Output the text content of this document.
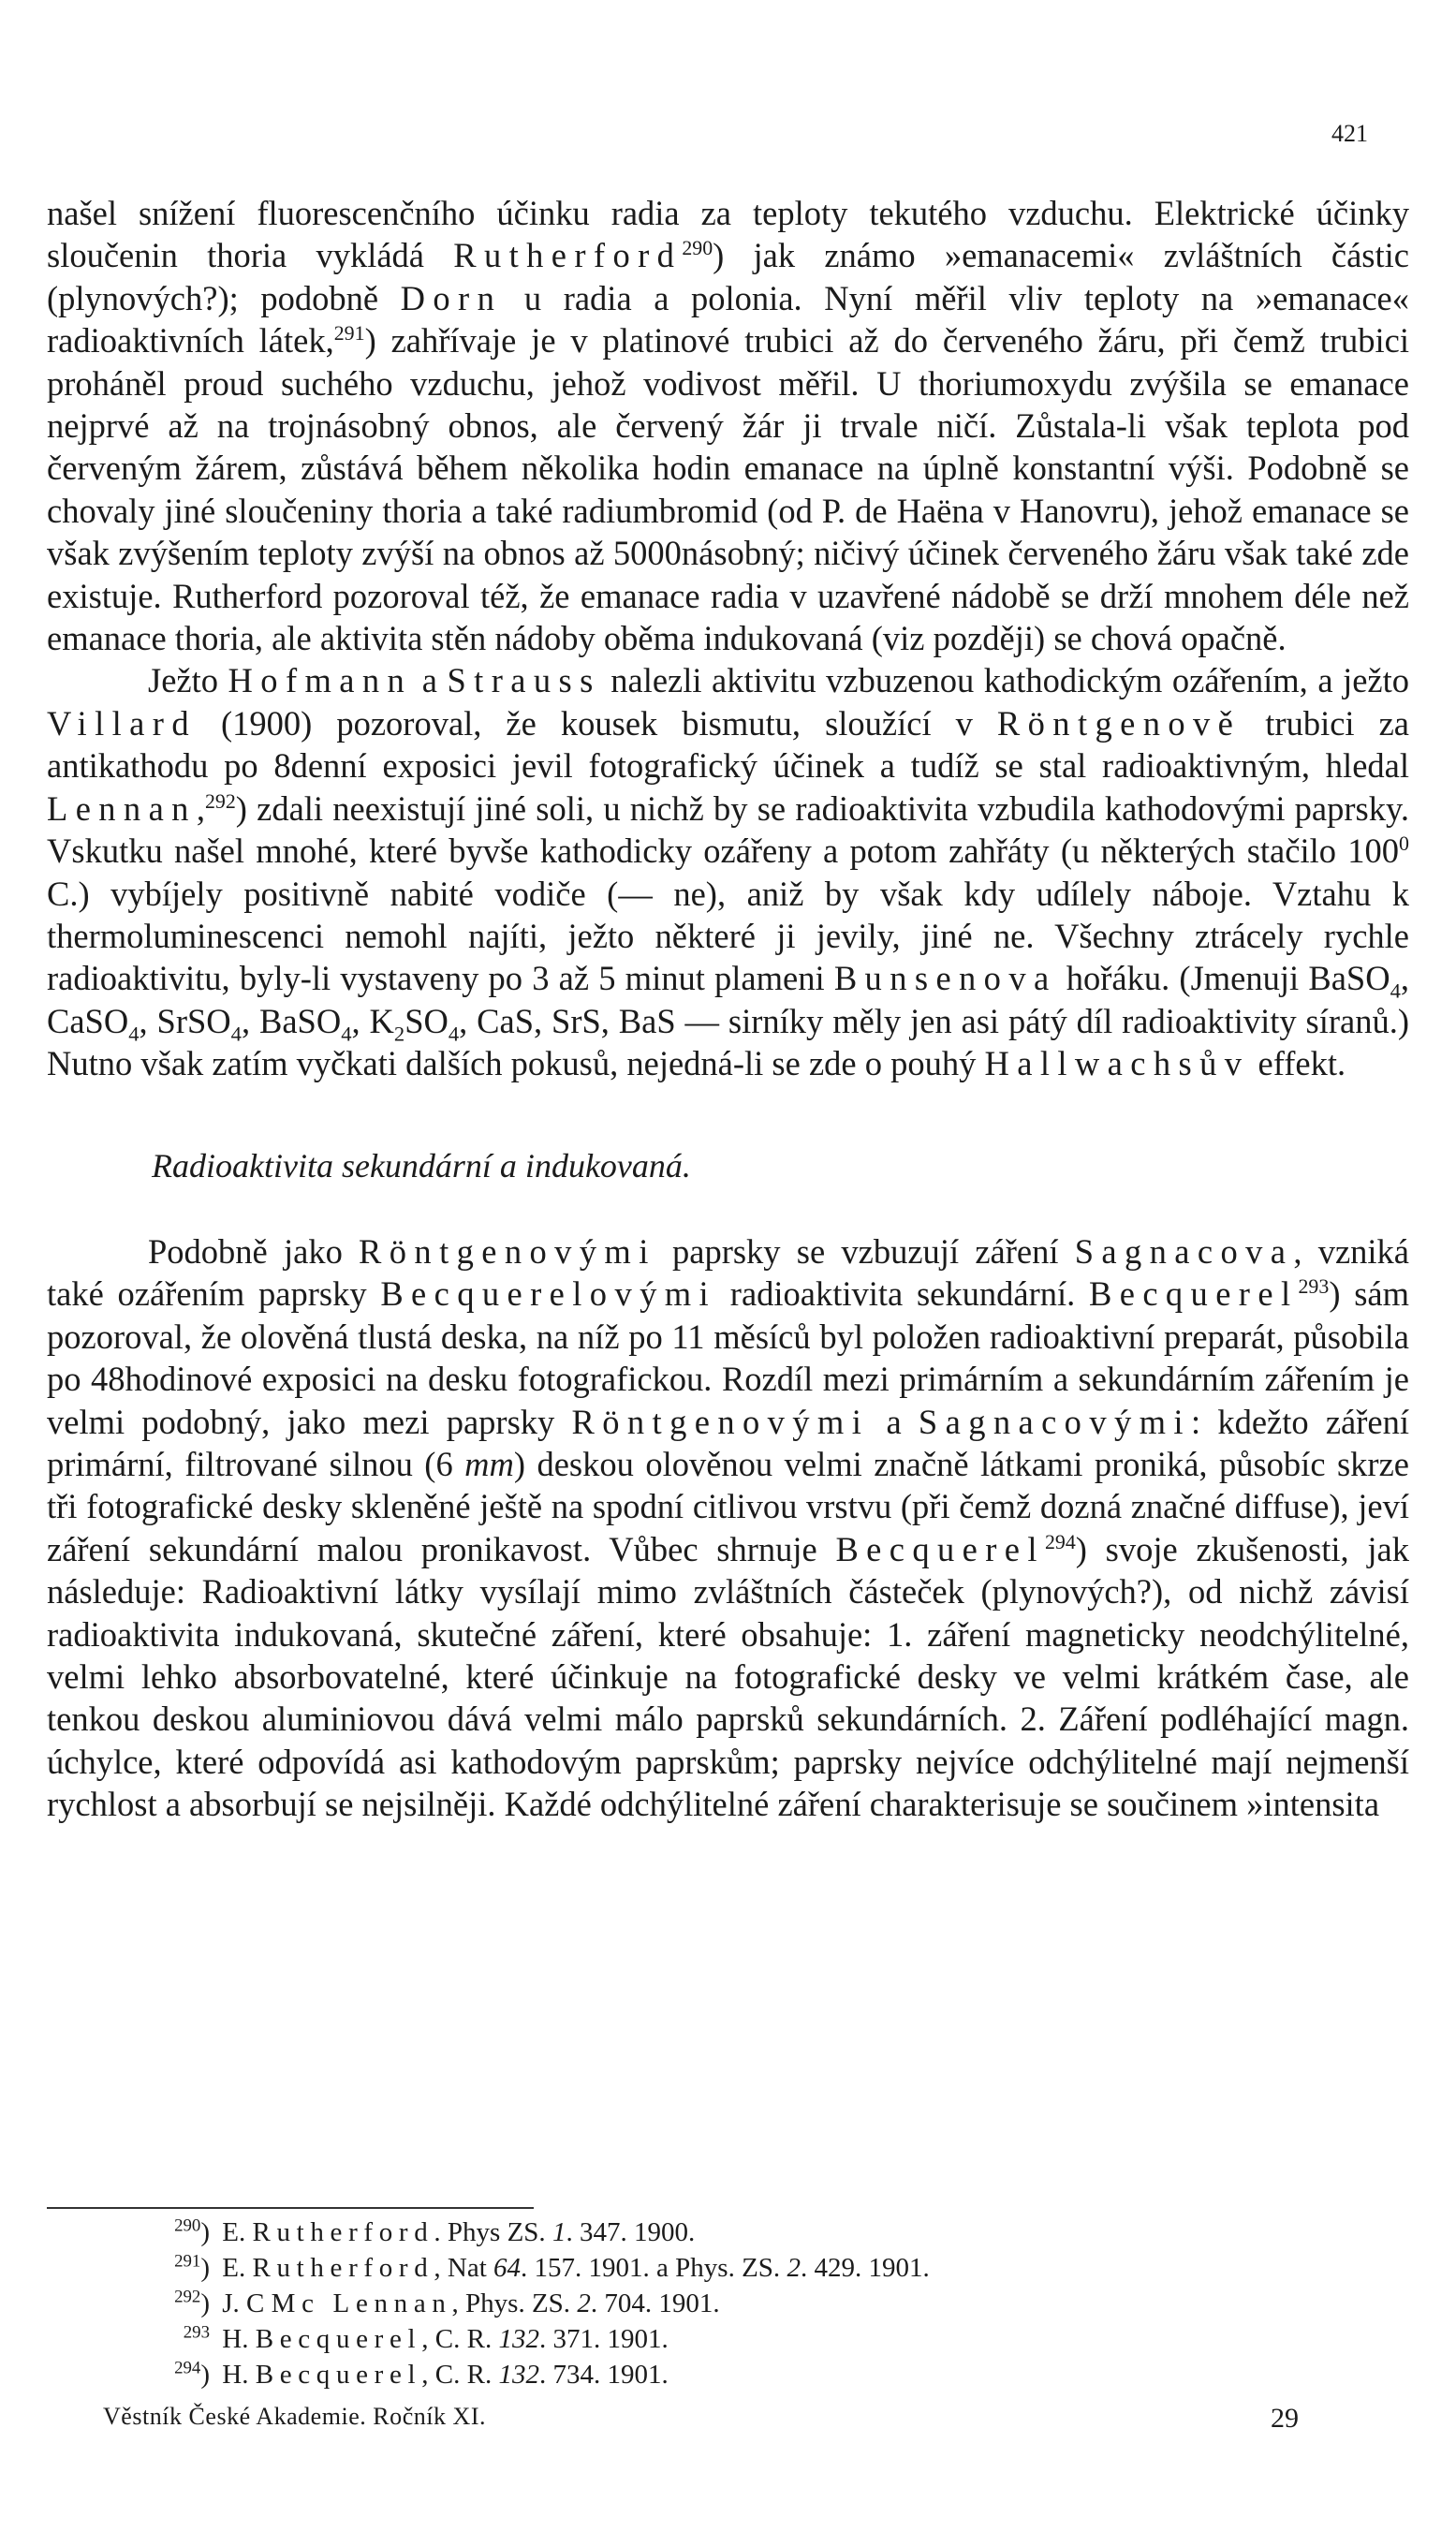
421

našel snížení fluorescenčního účinku radia za teploty tekutého vzduchu. Elektrické účinky sloučenin thoria vykládá Rutherford$^{290}$) jak známo »emanacemi« zvláštních částic (plynových?); podobně Dorn u radia a polonia. Nyní měřil vliv teploty na »emanace« radioaktivních látek,$^{291}$) zahřívaje je v platinové trubici až do červeného žáru, při čemž trubici proháněl proud suchého vzduchu, jehož vodivost měřil. U thoriumoxydu zvýšila se emanace nejprvé až na trojnásobný obnos, ale červený žár ji trvale ničí. Zůstala-li však teplota pod červeným žárem, zůstává během několika hodin emanace na úplně konstantní výši. Podobně se chovaly jiné sloučeniny thoria a také radiumbromid (od P. de Haëna v Hanovru), jehož emanace se však zvýšením teploty zvýší na obnos až 5000násobný; ničivý účinek červeného žáru však také zde existuje. Rutherford pozoroval též, že emanace radia v uzavřené nádobě se drží mnohem déle než emanace thoria, ale aktivita stěn nádoby oběma indukovaná (viz později) se chová opačně.

Ježto Hofmann a Strauss nalezli aktivitu vzbuzenou kathodickým ozářením, a ježto Villard (1900) pozoroval, že kousek bismutu, sloužící v Röntgenově trubici za antikathodu po 8denní exposici jevil fotografický účinek a tudíž se stal radioaktivným, hledal Lennan,$^{292}$) zdali neexistují jiné soli, u nichž by se radioaktivita vzbudila kathodovými paprsky. Vskutku našel mnohé, které byvše kathodicky ozářeny a potom zahřáty (u některých stačilo $100^0$ C.) vybíjely positivně nabité vodiče (— ne), aniž by však kdy udílely náboje. Vztahu k thermoluminescenci nemohl najíti, ježto některé ji jevily, jiné ne. Všechny ztrácely rychle radioaktivitu, byly-li vystaveny po 3 až 5 minut plameni Bunsenova hořáku. (Jmenuji BaSO$_4$, CaSO$_4$, SrSO$_4$, BaSO$_4$, $K_2SO_4$, CaS, SrS, BaS — sirníky měly jen asi pátý díl radioaktivity síranů.) Nutno však zatím vyčkati dalších pokusů, nejedná-li se zde o pouhý Hallwachsův effekt.

Radioaktivita sekundární a indukovaná.

Podobně jako Röntgenovými paprsky se vzbuzují záření Sagnacova, vzniká také ozářením paprsky Becquerelovými radioaktivita sekundární. Becquerel$^{293}$) sám pozoroval, že olověná tlustá deska, na níž po 11 měsíců byl položen radioaktivní preparát, působila po 48hodinové exposici na desku fotografickou. Rozdíl mezi primárním a sekundárním zářením je velmi podobný, jako mezi paprsky Röntgenovými a Sagnacovými: kdežto záření primární, filtrované silnou (6 mm) deskou olověnou velmi značně látkami proniká, působíc skrze tři fotografické desky skleněné ještě na spodní citlivou vrstvu (při čemž dozná značné diffuse), jeví záření sekundární malou pronikavost. Vůbec shrnuje Becquerel$^{294}$) svoje zkušenosti, jak následuje: Radioaktivní látky vysílají mimo zvláštních částeček (plynových?), od nichž závisí radioaktivita indukovaná, skutečné záření, které obsahuje: 1. záření magneticky neodchýlitelné, velmi lehko absorbovatelné, které účinkuje na fotografické desky ve velmi krátkém čase, ale tenkou deskou aluminiovou dává velmi málo paprsků sekundárních. 2. Záření podléhající magn. úchylce, které odpovídá asi kathodovým paprskům; paprsky nejvíce odchýlitelné mají nejmenší rychlost a absorbují se nejsilněji. Každé odchýlitelné záření charakterisuje se součinem »intensita

$^{290}$) E. Rutherford. Phys ZS. 1. 347. 1900.
$^{291}$) E. Rutherford, Nat 64. 157. 1901. a Phys. ZS. 2. 429. 1901.
$^{292}$) J. C Mc Lennan, Phys. ZS. 2. 704. 1901.
$^{293}$ H. Becquerel, C. R. 132. 371. 1901.
$^{294}$) H. Becquerel, C. R. 132. 734. 1901.
Věstník České Akademie. Ročník XI.	29
